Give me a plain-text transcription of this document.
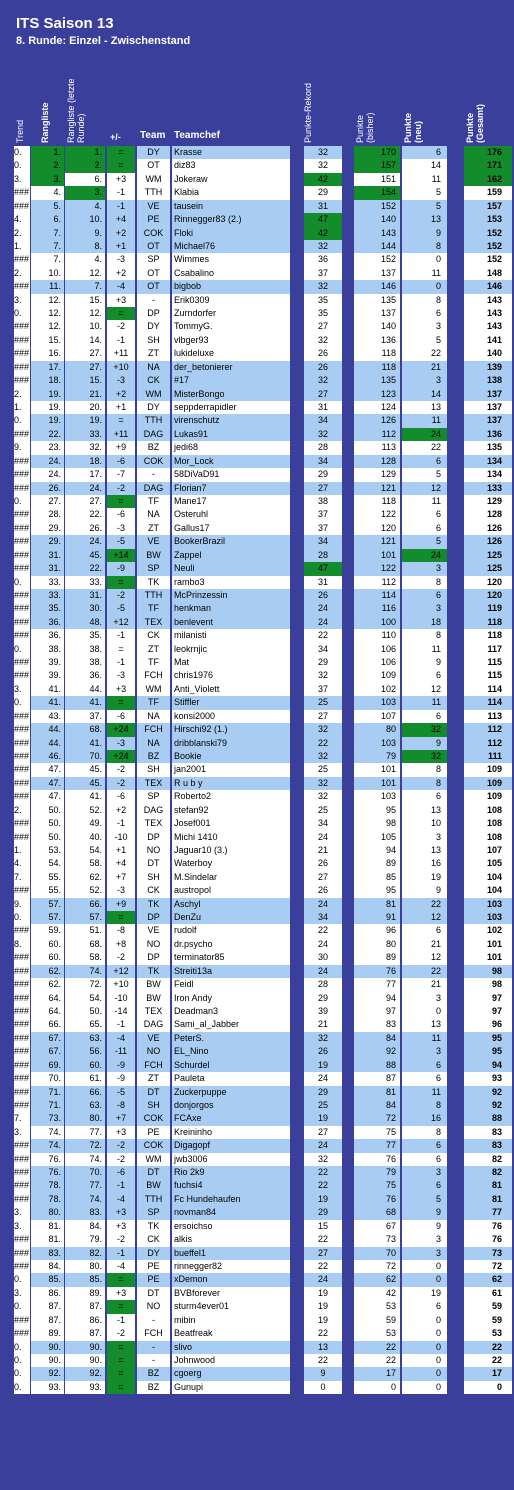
ITS Saison 13
8. Runde: Einzel - Zwischenstand
Trend Rangliste Rangliste (letzte Runde)	+/- Team Teamchef	Punkte-Rekord	Punkte (bisher)	Punkte (neu)	Punkte (Gesamt)
0.	1.	1.	=	DY	Krasse	32	170	6	176
0.	2.	2.	=	OT	diz83	32	157	14	171
3.	3.	6.	+3	WM	Jokeraw	42	151	11	162
###	4.	3.	-1	TTH	Klabia	29	154	5	159
###	5.	4.	-1	VE	tausein	31	152	5	157
4.	6.	10.	+4	PE	Rinnegger83 (2.)	47	140	13	153
2.	7.	9.	+2	COK	Floki	42	143	9	152
1.	7.	8.	+1	OT	Michael76	32	144	8	152
###	7.	4.	-3	SP	Wimmes	36	152	0	152
2.	10.	12.	+2	OT	Csabalino	37	137	11	148
###	11.	7.	-4	OT	bigbob	32	146	0	146
3.	12.	15.	+3	-	Erik0309	35	135	8	143
0.	12.	12.	=	DP	Zurndorfer	35	137	6	143
###	12.	10.	-2	DY	TommyG.	27	140	3	143
###	15.	14.	-1	SH	vlbger93	32	136	5	141
###	16.	27.	+11	ZT	lukideluxe	26	118	22	140
###	17.	27.	+10	NA	der_betonierer	26	118	21	139
###	18.	15.	-3	CK	#17	32	135	3	138
2.	19.	21.	+2	WM	MisterBongo	27	123	14	137
1.	19.	20.	+1	DY	seppderrapidler	31	124	13	137
0.	19.	19.	=	TTH	virenschutz	34	126	11	137
###	22.	33.	+11	DAG	Lukas91	32	112	24	136
9.	23.	32.	+9	BZ	jedi68	28	113	22	135
###	24.	18.	-6	COK	Mor_Lock	34	128	6	134
###	24.	17.	-7	-	58DiVaD91	29	129	5	134
###	26.	24.	-2	DAG	Florian7	27	121	12	133
0.	27.	27.	=	TF	Mane17	38	118	11	129
###	28.	22.	-6	NA	Osteruhl	37	122	6	128
###	29.	26.	-3	ZT	Gallus17	37	120	6	126
###	29.	24.	-5	VE	BookerBrazil	34	121	5	126
###	31.	45.	+14	BW	Zappel	28	101	24	125
###	31.	22.	-9	SP	Neuli	47	122	3	125
0.	33.	33.	=	TK	rambo3	31	112	8	120
###	33.	31.	-2	TTH	McPrinzessin	26	114	6	120
###	35.	30.	-5	TF	henkman	24	116	3	119
###	36.	48.	+12	TEX	benlevent	24	100	18	118
###	36.	35.	-1	CK	milanisti	22	110	8	118
0.	38.	38.	=	ZT	leokrnjic	34	106	11	117
###	39.	38.	-1	TF	Mat	29	106	9	115
###	39.	36.	-3	FCH	chris1976	32	109	6	115
3.	41.	44.	+3	WM	Anti_Violett	37	102	12	114
0.	41.	41.	=	TF	Stiffler	25	103	11	114
###	43.	37.	-6	NA	konsi2000	27	107	6	113
###	44.	68.	+24	FCH	Hirschi92 (1.)	32	80	32	112
###	44.	41.	-3	NA	dribblanski79	22	103	9	112
###	46.	70.	+24	BZ	Bookie	32	79	32	111
###	47.	45.	-2	SH	jan2001	25	101	8	109
###	47.	45.	-2	TEX	R u b y	32	101	8	109
###	47.	41.	-6	SP	Roberto2	32	103	6	109
2.	50.	52.	+2	DAG	stefan92	25	95	13	108
###	50.	49.	-1	TEX	Josef001	34	98	10	108
###	50.	40.	-10	DP	Michi 1410	24	105	3	108
1.	53.	54.	+1	NO	Jaguar10 (3.)	21	94	13	107
4.	54.	58.	+4	DT	Waterboy	26	89	16	105
7.	55.	62.	+7	SH	M.Sindelar	27	85	19	104
###	55.	52.	-3	CK	austropol	26	95	9	104
9.	57.	66.	+9	TK	Aschyl	24	81	22	103
0.	57.	57.	=	DP	DenZu	34	91	12	103
###	59.	51.	-8	VE	rudolf	22	96	6	102
8.	60.	68.	+8	NO	dr.psycho	24	80	21	101
###	60.	58.	-2	DP	terminator85	30	89	12	101
###	62.	74.	+12	TK	Streiti13a	24	76	22	98
###	62.	72.	+10	BW	Feidl	28	77	21	98
###	64.	54.	-10	BW	Iron Andy	29	94	3	97
###	64.	50.	-14	TEX	Deadman3	39	97	0	97
###	66.	65.	-1	DAG	Sami_al_Jabber	21	83	13	96
###	67.	63.	-4	VE	PeterS.	32	84	11	95
###	67.	56.	-11	NO	EL_Nino	26	92	3	95
###	69.	60.	-9	FCH	Schurdel	19	88	6	94
###	70.	61.	-9	ZT	Pauleta	24	87	6	93
###	71.	66.	-5	DT	Zuckerpuppe	29	81	11	92
###	71.	63.	-8	SH	donjorgos	25	84	8	92
7.	73.	80.	+7	COK	FCAxe	19	72	16	88
3.	74.	77.	+3	PE	Kreininho	27	75	8	83
###	74.	72.	-2	COK	Digagopf	24	77	6	83
###	76.	74.	-2	WM	jwb3006	32	76	6	82
###	76.	70.	-6	DT	Rio 2k9	22	79	3	82
###	78.	77.	-1	BW	fuchsi4	22	75	6	81
###	78.	74.	-4	TTH	Fc Hundehaufen	19	76	5	81
3.	80.	83.	+3	SP	novman84	29	68	9	77
3.	81.	84.	+3	TK	ersoichso	15	67	9	76
###	81.	79.	-2	CK	alkis	22	73	3	76
###	83.	82.	-1	DY	bueffel1	27	70	3	73
###	84.	80.	-4	PE	rinnegger82	22	72	0	72
0.	85.	85.	=	PE	xDemon	24	62	0	62
3.	86.	89.	+3	DT	BVBforever	19	42	19	61
0.	87.	87.	=	NO	sturm4ever01	19	53	6	59
###	87.	86.	-1	-	mibin	19	59	0	59
###	89.	87.	-2	FCH	Beatfreak	22	53	0	53
0.	90.	90.	=	-	slivo	13	22	0	22
0.	90.	90.	=	-	Johnwood	22	22	0	22
0.	92.	92.	=	BZ	cgoerg	9	17	0	17
0.	93.	93.	=	BZ	Gunupi	0	0	0	0
